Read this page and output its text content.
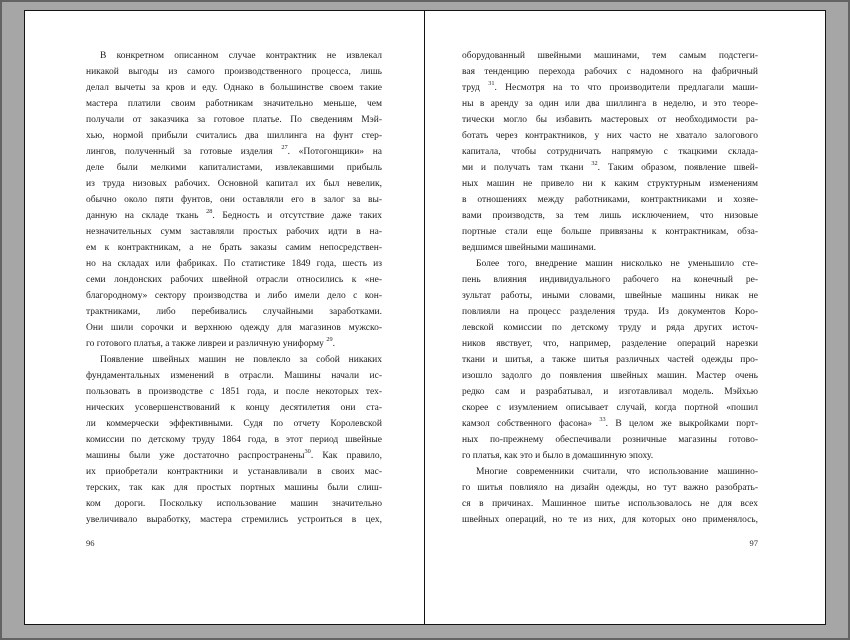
В конкретном описанном случае контрактник не извлекал
никакой выгоды из самого производственного процесса, лишь
делал вычеты за кров и еду. Однако в большинстве своем такие
мастера платили своим работникам значительно меньше, чем
получали от заказчика за готовое платье. По сведениям Мэй-
хью, нормой прибыли считались два шиллинга на фунт стер-
лингов, полученный за готовые изделия $^{27}$. «Потогонщики» на
деле были мелкими капиталистами, извлекавшими прибыль
из труда низовых рабочих. Основной капитал их был невелик,
обычно около пяти фунтов, они оставляли его в залог за вы-
данную на складе ткань $^{28}$. Бедность и отсутствие даже таких
незначительных сумм заставляли простых рабочих идти в на-
ем к контрактникам, а не брать заказы самим непосредствен-
но на складах или фабриках. По статистике 1849 года, шесть из
семи лондонских рабочих швейной отрасли относились к «не-
благородному» сектору производства и либо имели дело с кон-
трактниками, либо перебивались случайными заработками.
Они шили сорочки и верхнюю одежду для магазинов мужско-
го готового платья, а также ливреи и различную униформу $^{29}$.
Появление швейных машин не повлекло за собой никаких
фундаментальных изменений в отрасли. Машины начали ис-
пользовать в производстве с 1851 года, и после некоторых тех-
нических усовершенствований к концу десятилетия они ста-
ли коммерчески эффективными. Судя по отчету Королевской
комиссии по детскому труду 1864 года, в этот период швейные
машины были уже достаточно распространены$^{30}$. Как правило,
их приобретали контрактники и устанавливали в своих мас-
терских, так как для простых портных машины были слиш-
ком дороги. Поскольку использование машин значительно
увеличивало выработку, мастера стремились устроиться в цех,
96
оборудованный швейными машинами, тем самым подстеги-
вая тенденцию перехода рабочих с надомного на фабричный
труд $^{31}$. Несмотря на то что производители предлагали маши-
ны в аренду за один или два шиллинга в неделю, и это теоре-
тически могло бы избавить мастеровых от необходимости ра-
ботать через контрактников, у них часто не хватало залогового
капитала, чтобы сотрудничать напрямую с ткацкими склада-
ми и получать там ткани $^{32}$. Таким образом, появление швей-
ных машин не привело ни к каким структурным изменениям
в отношениях между работниками, контрактниками и хозяе-
вами производств, за тем лишь исключением, что низовые
портные стали еще больше привязаны к контрактникам, обза-
ведшимся швейными машинами.
Более того, внедрение машин нисколько не уменьшило сте-
пень влияния индивидуального рабочего на конечный ре-
зультат работы, иными словами, швейные машины никак не
повлияли на процесс разделения труда. Из документов Коро-
левской комиссии по детскому труду и ряда других источ-
ников явствует, что, например, разделение операций нарезки
ткани и шитья, а также шитья различных частей одежды про-
изошло задолго до появления швейных машин. Мастер очень
редко сам и разрабатывал, и изготавливал модель. Мэйхью
скорее с изумлением описывает случай, когда портной «пошил
камзол собственного фасона» $^{33}$. В целом же выкройками порт-
ных по-прежнему обеспечивали розничные магазины готово-
го платья, как это и было в домашинную эпоху.
Многие современники считали, что использование машинно-
го шитья повлияло на дизайн одежды, но тут важно разобрать-
ся в причинах. Машинное шитье использовалось не для всех
швейных операций, но те из них, для которых оно применялось,
97
